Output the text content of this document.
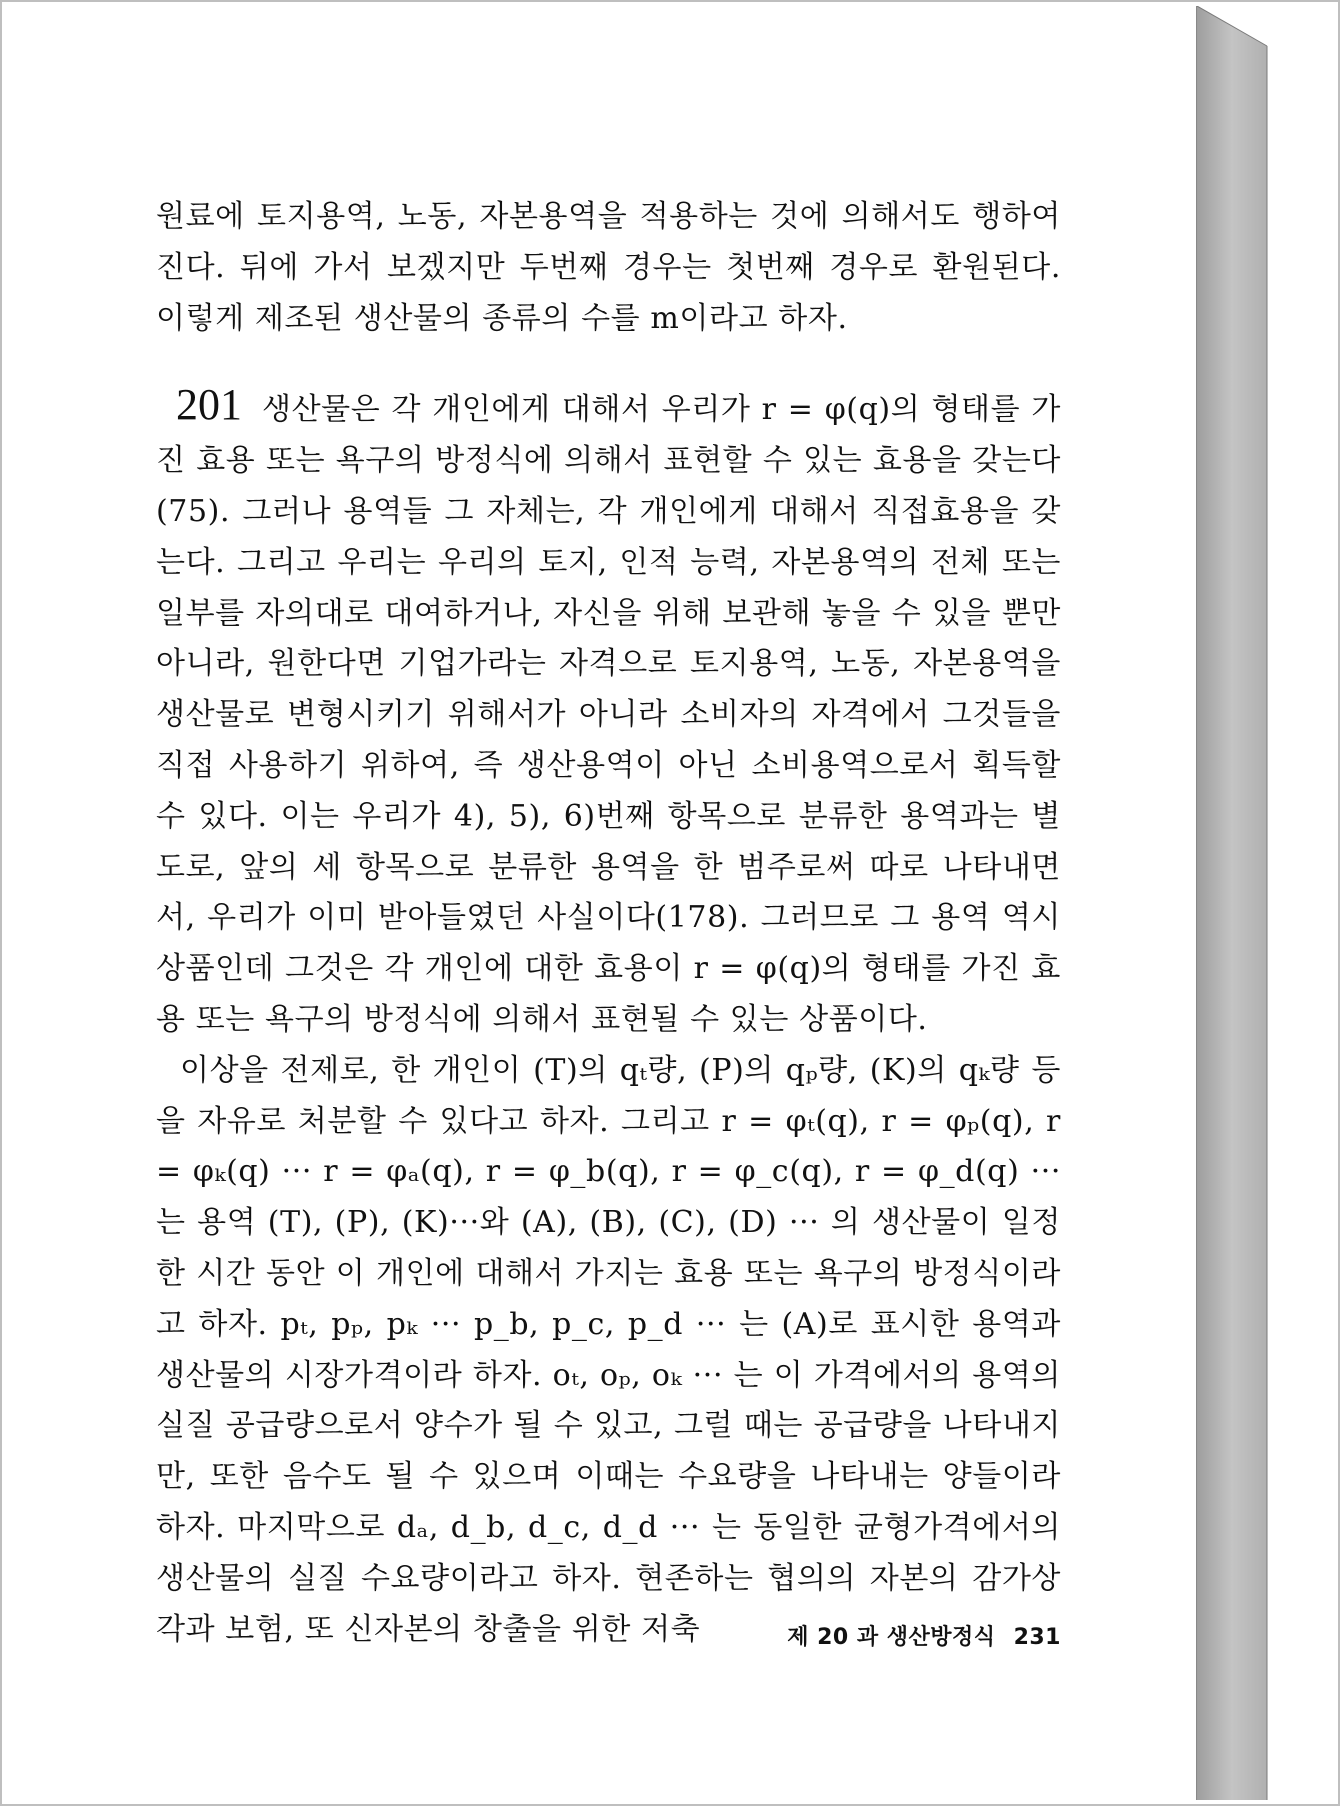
원료에 토지용역, 노동, 자본용역을 적용하는 것에 의해서도 행하여진다. 뒤에 가서 보겠지만 두번째 경우는 첫번째 경우로 환원된다. 이렇게 제조된 생산물의 종류의 수를 m이라고 하자.

201 생산물은 각 개인에게 대해서 우리가 r = φ(q)의 형태를 가진 효용 또는 욕구의 방정식에 의해서 표현할 수 있는 효용을 갖는다(75). 그러나 용역들 그 자체는, 각 개인에게 대해서 직접효용을 갖는다. 그리고 우리는 우리의 토지, 인적 능력, 자본용역의 전체 또는 일부를 자의대로 대여하거나, 자신을 위해 보관해 놓을 수 있을 뿐만 아니라, 원한다면 기업가라는 자격으로 토지용역, 노동, 자본용역을 생산물로 변형시키기 위해서가 아니라 소비자의 자격에서 그것들을 직접 사용하기 위하여, 즉 생산용역이 아닌 소비용역으로서 획득할 수 있다. 이는 우리가 4), 5), 6)번째 항목으로 분류한 용역과는 별도로, 앞의 세 항목으로 분류한 용역을 한 범주로써 따로 나타내면서, 우리가 이미 받아들였던 사실이다(178). 그러므로 그 용역 역시 상품인데 그것은 각 개인에 대한 효용이 r = φ(q)의 형태를 가진 효용 또는 욕구의 방정식에 의해서 표현될 수 있는 상품이다.

이상을 전제로, 한 개인이 (T)의 qₜ량, (P)의 qₚ량, (K)의 qₖ량 등을 자유로 처분할 수 있다고 하자. 그리고 r = φₜ(q), r = φₚ(q), r = φₖ(q) ··· r = φₐ(q), r = φ_b(q), r = φ_c(q), r = φ_d(q) ··· 는 용역 (T), (P), (K)···와 (A), (B), (C), (D) ··· 의 생산물이 일정한 시간 동안 이 개인에 대해서 가지는 효용 또는 욕구의 방정식이라고 하자. pₜ, pₚ, pₖ ··· p_b, p_c, p_d ··· 는 (A)로 표시한 용역과 생산물의 시장가격이라 하자. oₜ, oₚ, oₖ ··· 는 이 가격에서의 용역의 실질 공급량으로서 양수가 될 수 있고, 그럴 때는 공급량을 나타내지만, 또한 음수도 될 수 있으며 이때는 수요량을 나타내는 양들이라 하자. 마지막으로 dₐ, d_b, d_c, d_d ··· 는 동일한 균형가격에서의 생산물의 실질 수요량이라고 하자. 현존하는 협의의 자본의 감가상각과 보험, 또 신자본의 창출을 위한 저축	제 20 과 생산방정식 231
